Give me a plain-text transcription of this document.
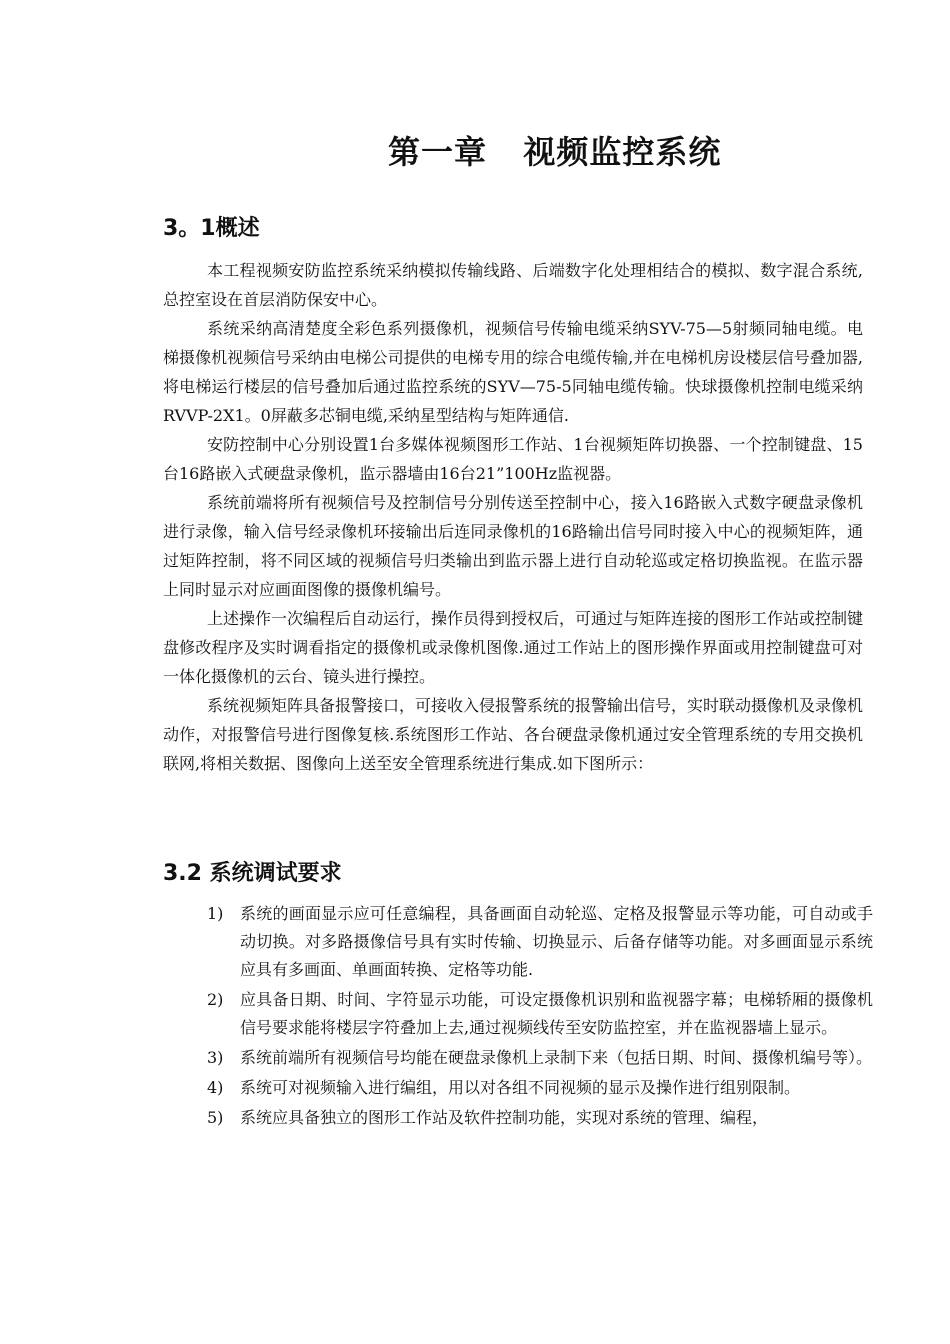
第一章   视频监控系统
3。1概述

本工程视频安防监控系统采纳模拟传输线路、后端数字化处理相结合的模拟、数字混合系统,总控室设在首层消防保安中心。

系统采纳高清楚度全彩色系列摄像机，视频信号传输电缆采纳SYV-75—5射频同轴电缆。电梯摄像机视频信号采纳由电梯公司提供的电梯专用的综合电缆传输,并在电梯机房设楼层信号叠加器,将电梯运行楼层的信号叠加后通过监控系统的SYV—75-5同轴电缆传输。快球摄像机控制电缆采纳RVVP-2X1。0屏蔽多芯铜电缆,采纳星型结构与矩阵通信.

安防控制中心分别设置1台多媒体视频图形工作站、1台视频矩阵切换器、一个控制键盘、15台16路嵌入式硬盘录像机，监示器墙由16台21”100Hz监视器。

系统前端将所有视频信号及控制信号分别传送至控制中心，接入16路嵌入式数字硬盘录像机进行录像，输入信号经录像机环接输出后连同录像机的16路输出信号同时接入中心的视频矩阵，通过矩阵控制，将不同区域的视频信号归类输出到监示器上进行自动轮巡或定格切换监视。在监示器上同时显示对应画面图像的摄像机编号。

上述操作一次编程后自动运行，操作员得到授权后，可通过与矩阵连接的图形工作站或控制键盘修改程序及实时调看指定的摄像机或录像机图像.通过工作站上的图形操作界面或用控制键盘可对一体化摄像机的云台、镜头进行操控。

系统视频矩阵具备报警接口，可接收入侵报警系统的报警输出信号，实时联动摄像机及录像机动作，对报警信号进行图像复核.系统图形工作站、各台硬盘录像机通过安全管理系统的专用交换机联网,将相关数据、图像向上送至安全管理系统进行集成.如下图所示：

3.2 系统调试要求
1) 系统的画面显示应可任意编程，具备画面自动轮巡、定格及报警显示等功能，可自动或手动切换。对多路摄像信号具有实时传输、切换显示、后备存储等功能。对多画面显示系统应具有多画面、单画面转换、定格等功能.
2) 应具备日期、时间、字符显示功能，可设定摄像机识别和监视器字幕；电梯轿厢的摄像机信号要求能将楼层字符叠加上去,通过视频线传至安防监控室，并在监视器墙上显示。
3) 系统前端所有视频信号均能在硬盘录像机上录制下来（包括日期、时间、摄像机编号等）。
4) 系统可对视频输入进行编组，用以对各组不同视频的显示及操作进行组别限制。
5) 系统应具备独立的图形工作站及软件控制功能，实现对系统的管理、编程，
